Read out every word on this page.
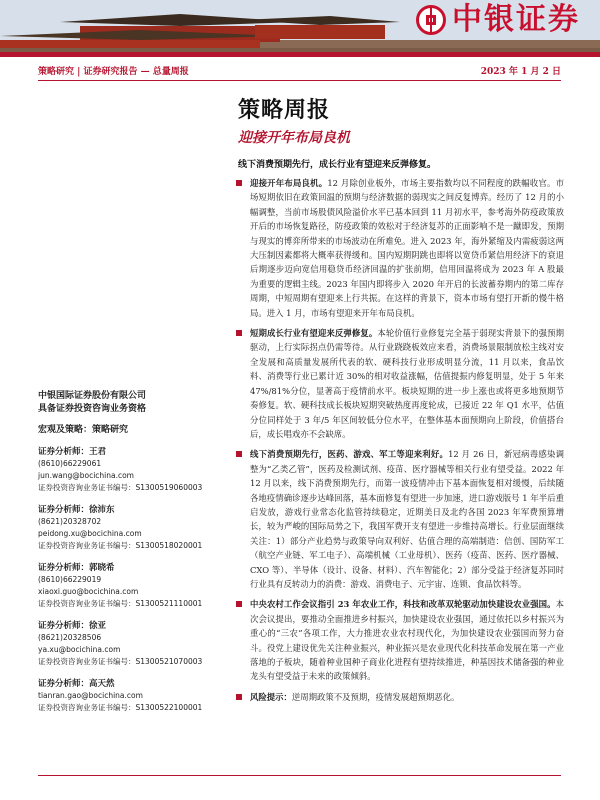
中银证券
策略研究 | 证券研究报告 — 总量周报	2023 年 1 月 2 日
策略周报
迎接开年布局良机
线下消费预期先行，成长行业有望迎来反弹修复。
中银国际证券股份有限公司
具备证券投资咨询业务资格
宏观及策略：策略研究
证券分析师：王君
(8610)66229061
jun.wang@bocichina.com
证券投资咨询业务证书编号：S1300519060003
证券分析师：徐沛东
(8621)20328702
peidong.xu@bocichina.com
证券投资咨询业务证书编号：S1300518020001
证券分析师：郭晓希
(8610)66229019
xiaoxi.guo@bocichina.com
证券投资咨询业务证书编号：S1300521110001
证券分析师：徐亚
(8621)20328506
ya.xu@bocichina.com
证券投资咨询业务证书编号：S1300521070003
证券分析师：高天然
tianran.gao@bocichina.com
证券投资咨询业务证书编号：S1300522100001
迎接开年布局良机。12 月除创业板外，市场主要指数均以不同程度的跌幅收官。市场短期依旧在政策回温的预期与经济数据的弱现实之间反复博弈。经历了 12 月的小幅调整，当前市场股债风险溢价水平已基本回到 11 月初水平，参考海外防疫政策放开后的市场恢复路径，防疫政策的效松对于经济复苏的正面影响不是一蹴即发，预期与现实的博弈所带来的市场波动在所难免。进入 2023 年，海外紧缩及内需疲弱这两大压制因素都将大概率获得缓和。国内短期阴跳也即将以宽贷币紧信用经济下的衰退后期逐步迈向宽信用稳贷币经济回温的扩张前期，信用回温将成为 2023 年 A 股最为重要的逻辑主线。2023 年国内即将步入 2020 年开启的长波蓄券期内的第二库存周期，中短周期有望迎来上行共振。在这样的背景下，资本市场有望打开新的慢牛格局。进入 1 月，市场有望迎来开年布局良机。
短期成长行业有望迎来反弹修复。本轮价值行业修复完全基于弱现实背景下的强预期驱动，上行实际拐点仍需等待。从行业跷跷板效应来看，消费场景限制放松主线对安全发展和高质量发展所代表的软、硬科技行业形成明显分流，11 月以来，食品饮料、消费等行业已累计近 30%的相对收益涨幅，估值提振内修复明显，处于 5 年来 47%/81%分位，显著高于疫情前水平。板块短期的进一步上涨也或将更多地预期节奏修复。软、硬科技成长板块短期突破热度再度轮成，已接近 22 年 Q1 水平，估值分位同样处于 3 年/5 年区间较低分位水平，在整体基本面预期向上阶段，价值搭台后，成长唱戏亦不会缺席。
线下消费预期先行，医药、游戏、军工等迎来利好。12 月 26 日，新冠病毒感染调整为“乙类乙管”，医药及检测试剂、疫苗、医疗器械等相关行业有望受益。2022 年 12 月以来，线下消费预期先行，而第一波疫情冲击下基本面恢复相对缓慢，后续随各地疫情确诊逐步达峰回落，基本面修复有望进一步加速，进口游戏版号 1 年半后重启发放，游戏行业常态化监管持续稳定，近期美日及北约各国 2023 年军费预算增长，较为严峻的国际局势之下，我国军费开支有望进一步维持高增长。行业层面继续关注：1）部分产业趋势与政策导向双利好、估值合理的高端制造：信创、国防军工（航空产业链、军工电子）、高端机械（工业母机）、医药（疫苗、医药、医疗器械、CXO 等）、半导体（设计、设备、材料）、汽车智能化；2）部分受益于经济复苏同时行业具有反转动力的消费：游戏、消费电子、元宇宙、连锁、食品饮料等。
中央农村工作会议指引 23 年农业工作，科技和改革双轮驱动加快建设农业强国。本次会议提出，要推动全面推进乡村振兴，加快建设农业强国，通过依托以乡村振兴为重心的“三农”各项工作，大力推进农业农村现代化，为加快建设农业强国而努力奋斗。役党上建设优先关注种业振兴，种业振兴是农业现代化科技革命发展在第一产业落地的子板块，随着种业国种子商业化进程有望持续推进，种基因技术储备强的种业龙头有望受益于未来的政策倾斜。
风险提示：逆周期政策不及预期，疫情发展超预期恶化。
